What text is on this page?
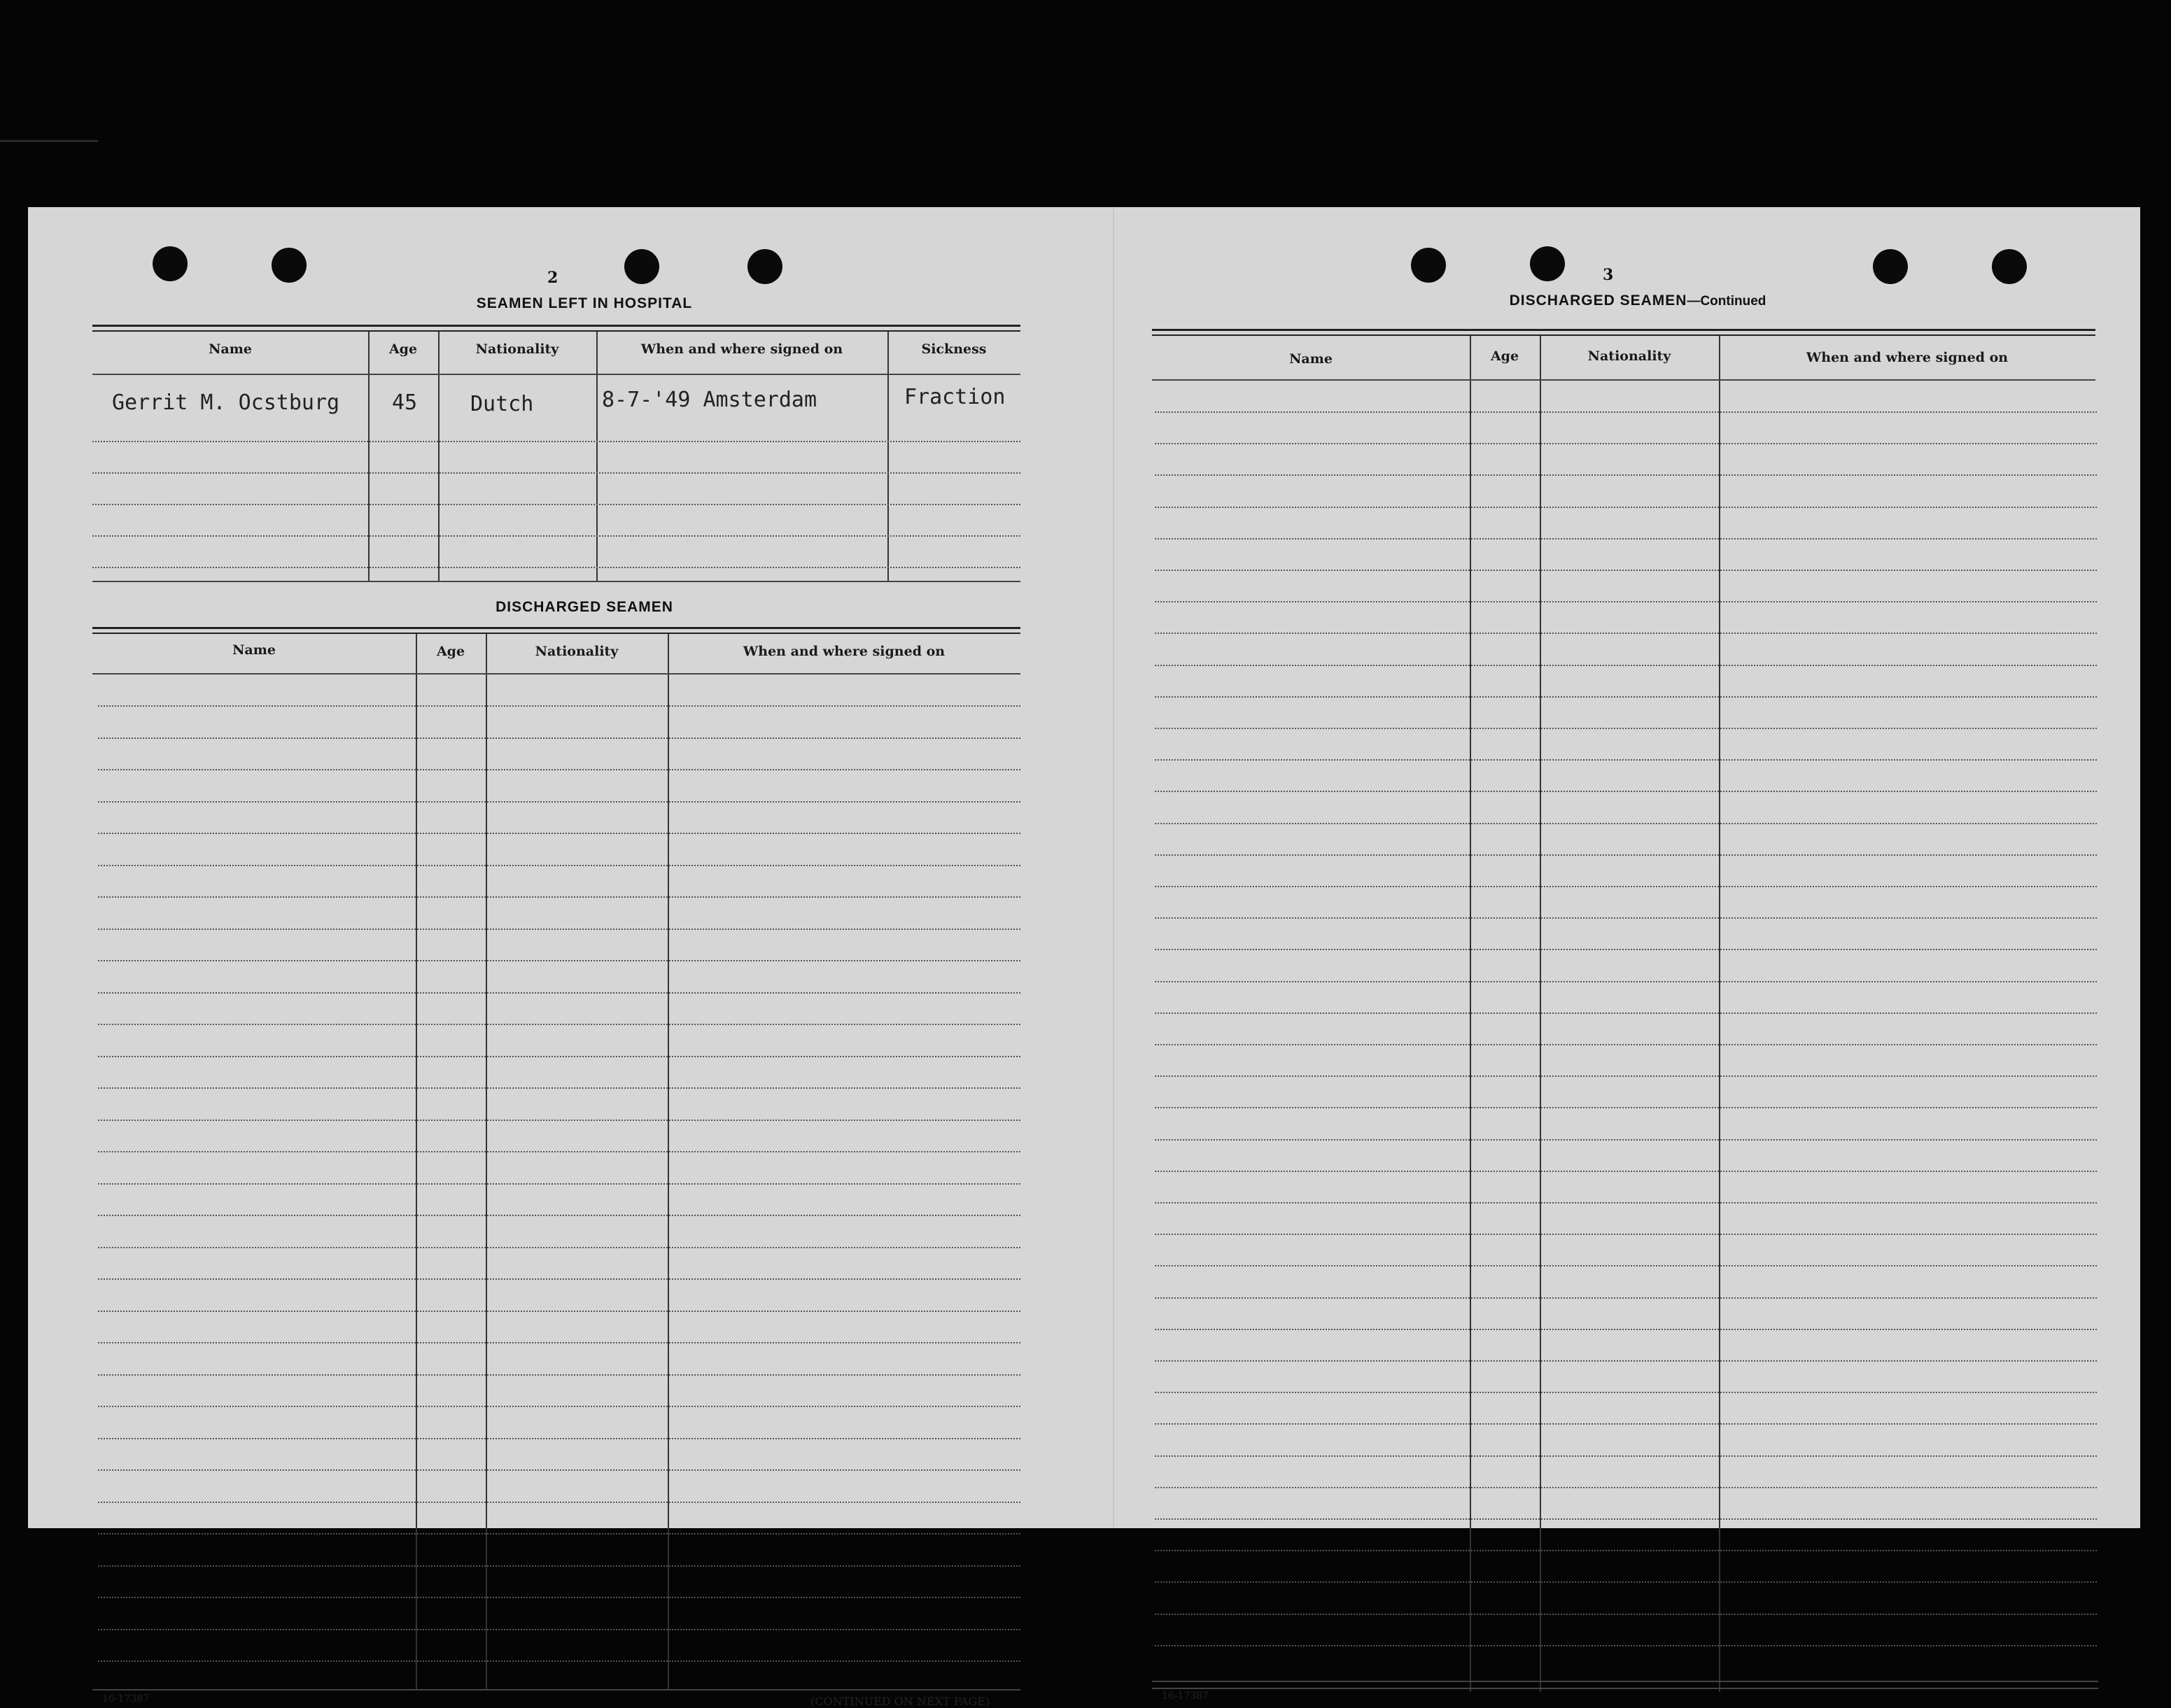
2
SEAMEN LEFT IN HOSPITAL
Name	Age	Nationality	When and where signed on	Sickness
Gerrit M. Ocstburg 45	Dutch	8-7-'49 Amsterdam	Fraction
DISCHARGED SEAMEN
Name	Age	Nationality	When and where signed on
16-17387	(CONTINUED ON NEXT PAGE)
3
DISCHARGED SEAMEN—Continued
Name	Age	Nationality	When and where signed on
16-17387
